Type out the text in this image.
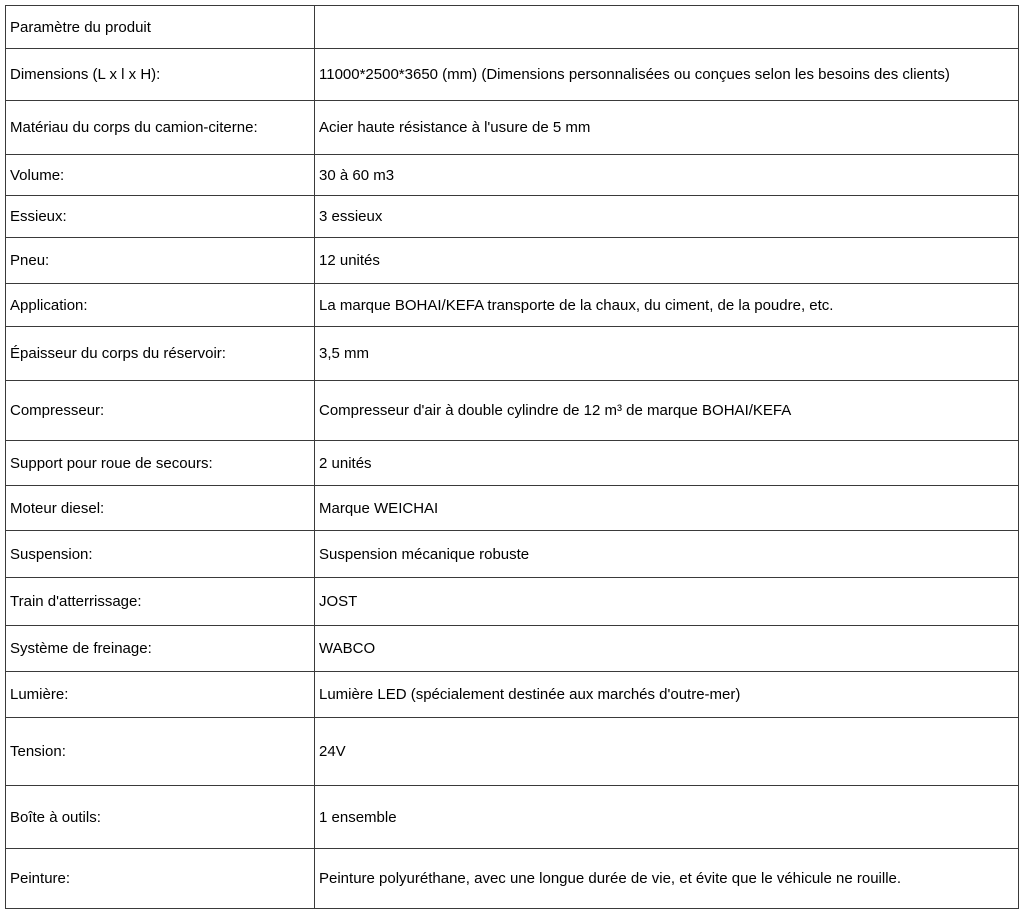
Paramètre du produit	
Dimensions (L x l x H):	11000*2500*3650 (mm) (Dimensions personnalisées ou conçues selon les besoins des clients)
Matériau du corps du camion-citerne:	Acier haute résistance à l'usure de 5 mm
Volume:	30 à 60 m3
Essieux:	3 essieux
Pneu:	12 unités
Application:	La marque BOHAI/KEFA transporte de la chaux, du ciment, de la poudre, etc.
Épaisseur du corps du réservoir:	3,5 mm
Compresseur:	Compresseur d'air à double cylindre de 12 m³ de marque BOHAI/KEFA
Support pour roue de secours:	2 unités
Moteur diesel:	Marque WEICHAI
Suspension:	Suspension mécanique robuste
Train d'atterrissage:	JOST
Système de freinage:	WABCO
Lumière:	Lumière LED (spécialement destinée aux marchés d'outre-mer)
Tension:	24V
Boîte à outils:	1 ensemble
Peinture:	Peinture polyuréthane, avec une longue durée de vie, et évite que le véhicule ne rouille.
